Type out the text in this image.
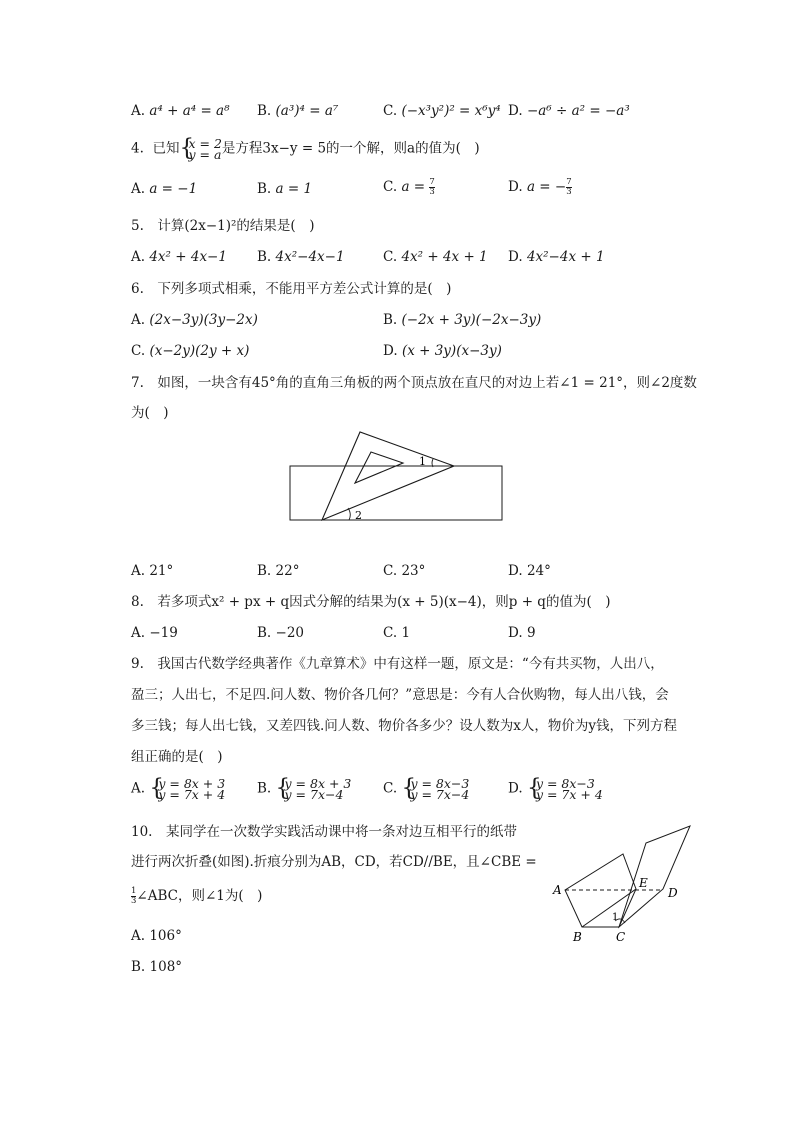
A. a⁴ + a⁴ = a⁸ B. (a³)⁴ = a⁷	C. (−x³y²)² = x⁶y⁴ D. −a⁶ ÷ a² = −a³
4. 已知 { x = 2
y = a 是方程3x−y = 5的一个解，则a的值为(　)
A. a = −1	B. a = 1	C. $a = \frac{7}{3}$	D. a = − $\frac{7}{3}$
5.　计算(2x−1)²的结果是(　)
A. 4x² + 4x−1 B. 4x²−4x−1	C. 4x² + 4x + 1 D. 4x²−4x + 1
6.　下列多项式相乘，不能用平方差公式计算的是(　)
A. (2x−3y)(3y−2x)	B. (−2x + 3y)(−2x−3y)
C. (x−2y)(2y + x)	D. (x + 3y)(x−3y)
7.　如图，一块含有45°角的直角三角板的两个顶点放在直尺的对边上若∠1 = 21°，则∠2度数
为(　)
1
2
A. 21°	B. 22°	C. 23°	D. 24°
8.　若多项式x² + px + q因式分解的结果为(x + 5)(x−4)，则p + q的值为(　)
A. −19	B. −20	C. 1	D. 9
9.　我国古代数学经典著作《九章算术》中有这样一题，原文是：“今有共买物，人出八，
盈三；人出七，不足四.问人数、物价各几何？”意思是：今有人合伙购物，每人出八钱，会
多三钱；每人出七钱，又差四钱.问人数、物价各多少？设人数为x人，物价为y钱，下列方程
组正确的是(　)
A. { y = 8x + 3
y = 7x + 4 B. { y = 8x + 3
y = 7x−4	C. { y = 8x−3
y = 7x−4	D. { y = 8x−3
y = 7x + 4
10.　某同学在一次数学实践活动课中将一条对边互相平行的纸带
进行两次折叠(如图).折痕分别为AB，CD，若CD//BE，且∠CBE =
$\frac{1}{3}$ ∠ABC，则∠1为(　)
A. 106°
B. 108°
A
B	C
D
E
1
